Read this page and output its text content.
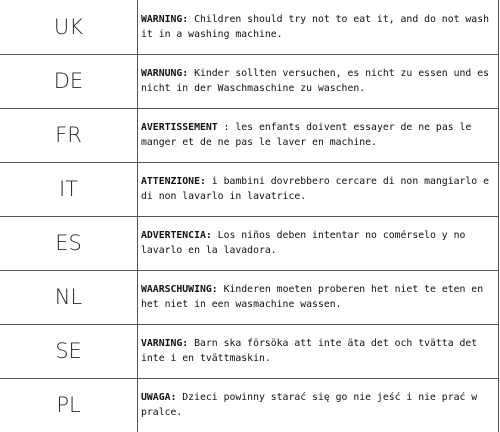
UK	WARNING: Children should try not to eat it, and do not wash it in a washing machine.
DE	WARNUNG: Kinder sollten versuchen, es nicht zu essen und es nicht in der Waschmaschine zu waschen.
FR	AVERTISSEMENT : les enfants doivent essayer de ne pas le manger et de ne pas le laver en machine.
IT	ATTENZIONE: i bambini dovrebbero cercare di non mangiarlo e di non lavarlo in lavatrice.
ES	ADVERTENCIA: Los niños deben intentar no comérselo y no lavarlo en la lavadora.
NL	WAARSCHUWING: Kinderen moeten proberen het niet te eten en het niet in een wasmachine wassen.
SE	VARNING: Barn ska försöka att inte äta det och tvätta det inte i en tvättmaskin.
PL	UWAGA: Dzieci powinny starać się go nie jeść i nie prać w pralce.
